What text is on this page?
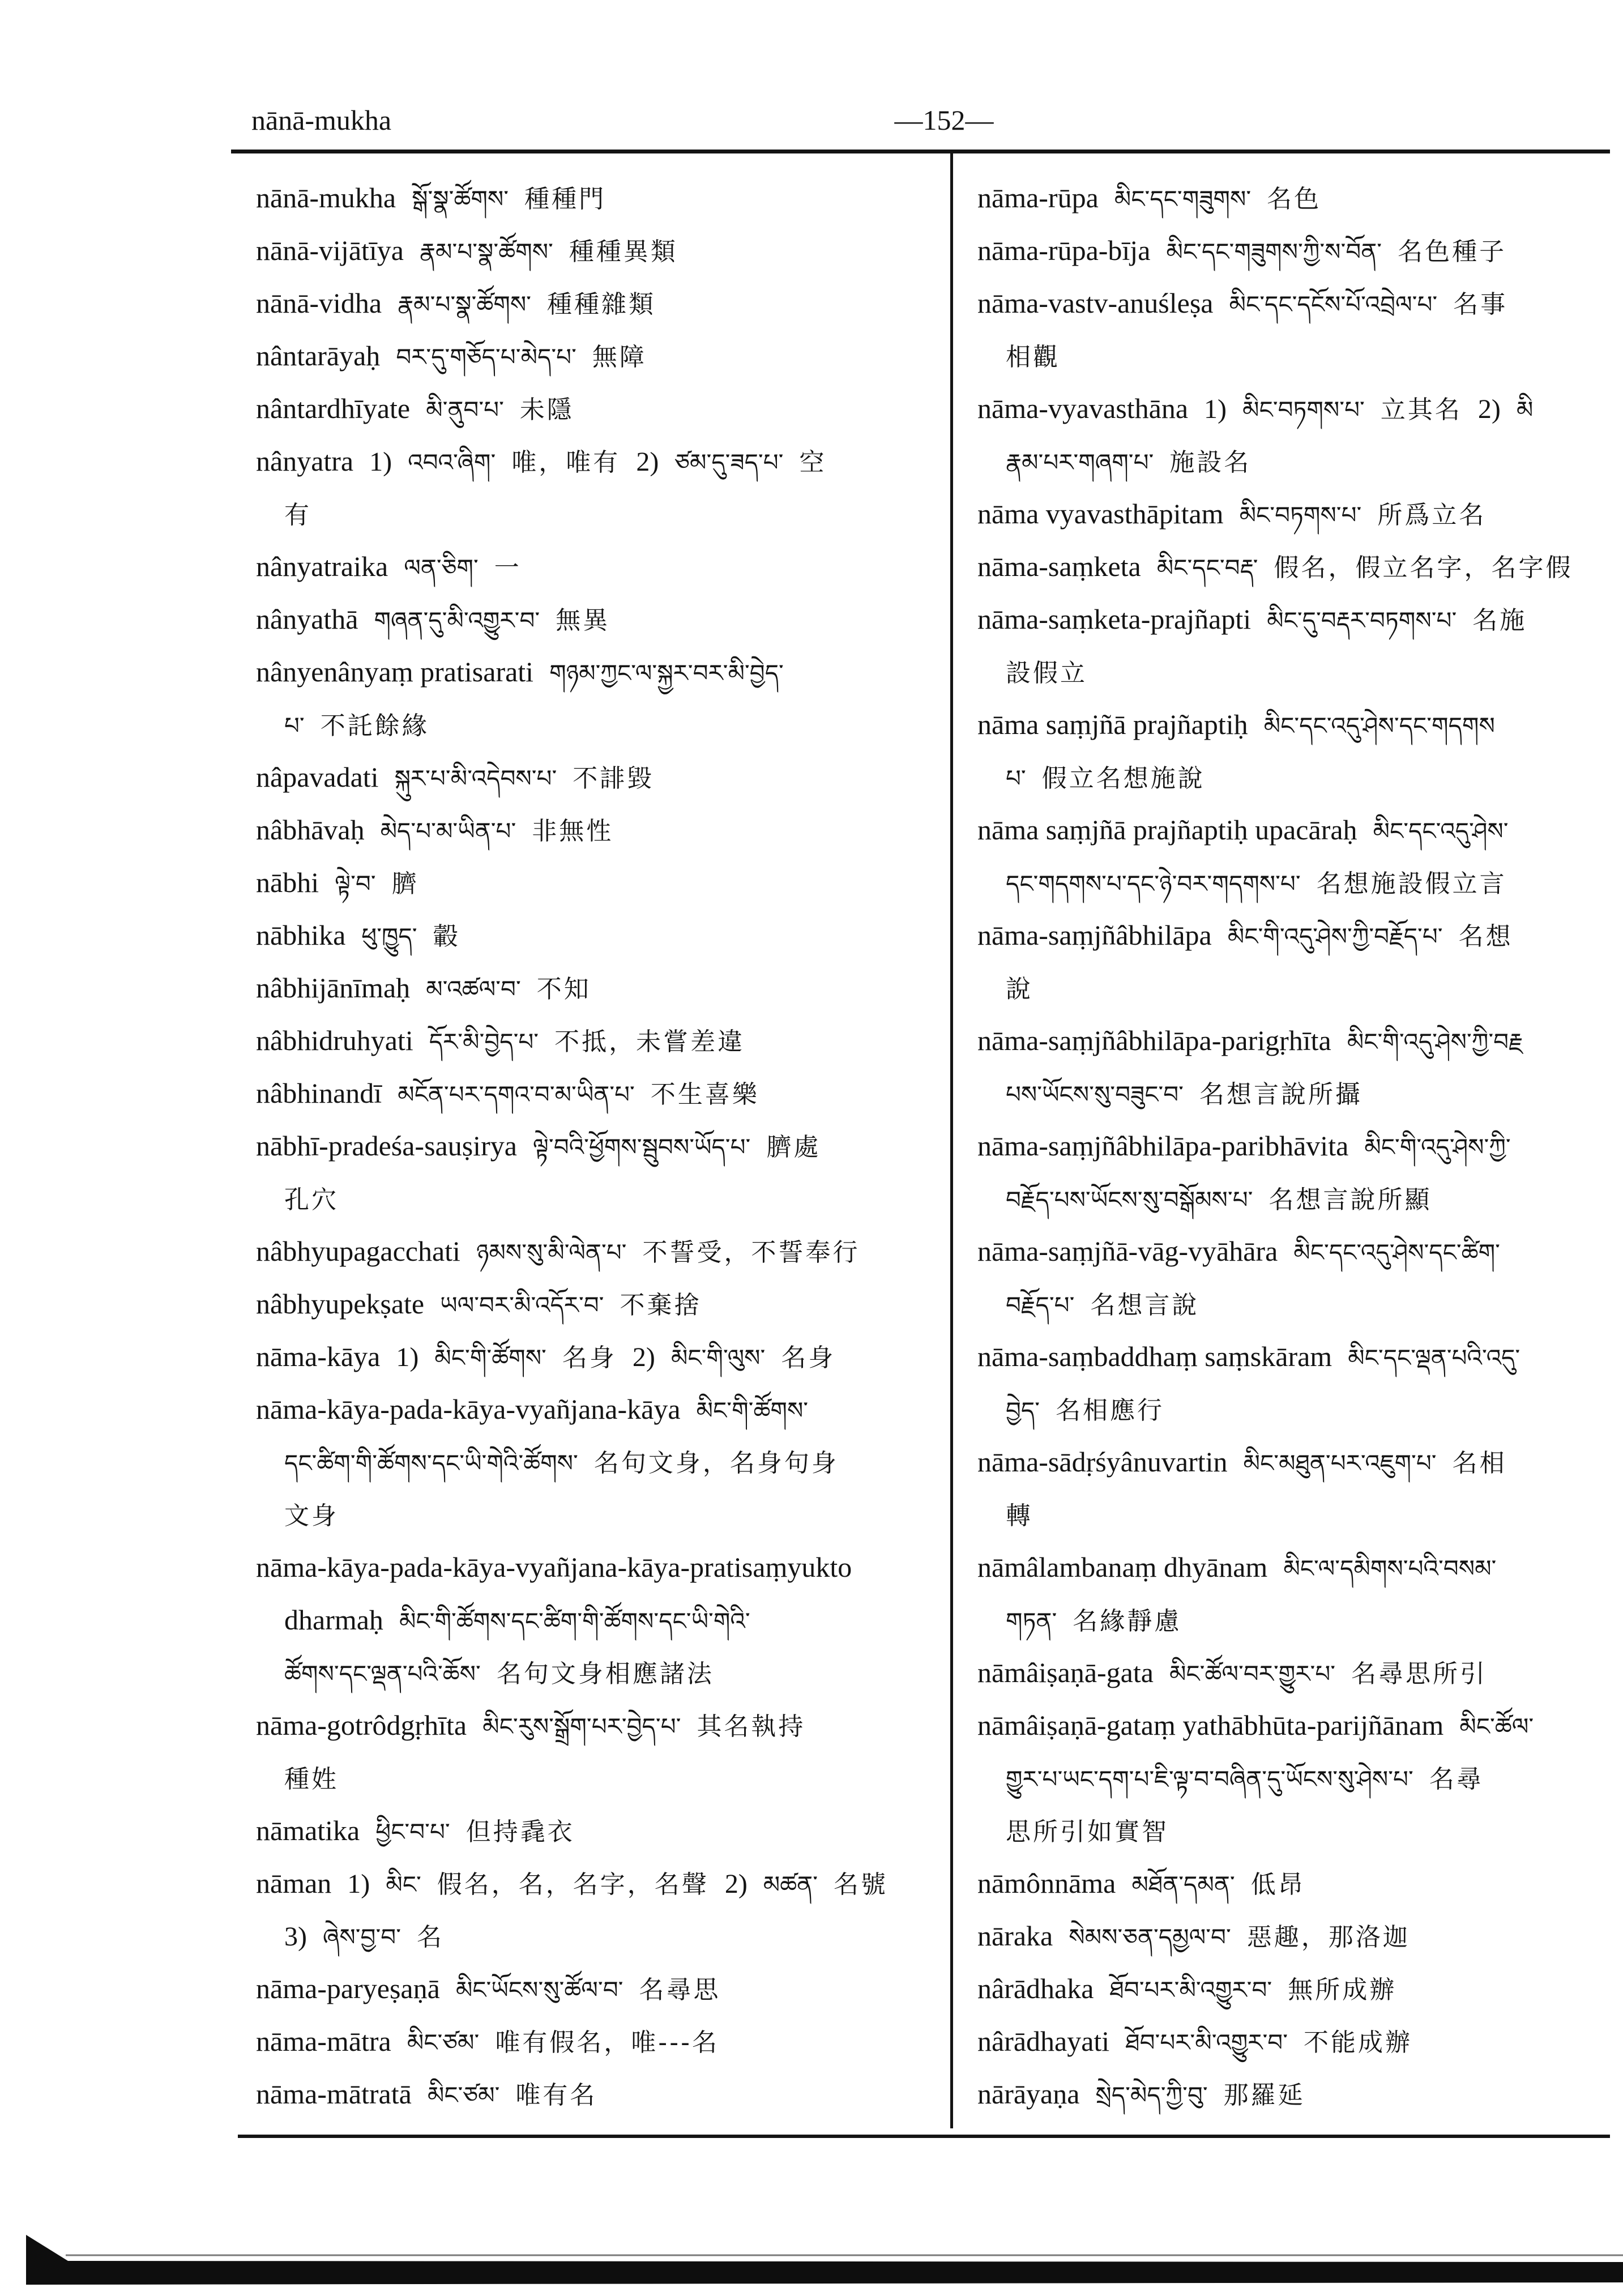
nānā-mukha	—152—
nānā-mukha སྒོ་སྣ་ཚོགས་ 種種門
nānā-vijātīya རྣམ་པ་སྣ་ཚོགས་ 種種異類
nānā-vidha རྣམ་པ་སྣ་ཚོགས་ 種種雜類
nântarāyaḥ བར་དུ་གཅོད་པ་མེད་པ་ 無障
nântardhīyate མི་ནུབ་པ་ 未隱
nânyatra 1) འབའ་ཞིག་ 唯，唯有 2) ཙམ་དུ་ཟད་པ་ 空
有
nânyatraika ལན་ཅིག་ 一
nânyathā གཞན་དུ་མི་འགྱུར་བ་ 無異
nânyenânyaṃ pratisarati གཉམ་ཀྱང་ལ་སྐྱར་བར་མི་བྱེད་
པ་ 不託餘緣
nâpavadati སྐུར་པ་མི་འདེབས་པ་ 不誹毀
nâbhāvaḥ མེད་པ་མ་ཡིན་པ་ 非無性
nābhi ལྟེ་བ་ 臍
nābhika ཕུ་ཁྱུད་ 轂
nâbhijānīmaḥ མ་འཚལ་བ་ 不知
nâbhidruhyati དོར་མི་བྱེད་པ་ 不抵，未嘗差違
nâbhinandī མངོན་པར་དགའ་བ་མ་ཡིན་པ་ 不生喜樂
nābhī-pradeśa-sauṣirya ལྟེ་བའི་ཕྱོགས་སྦུབས་ཡོད་པ་ 臍處
孔穴
nâbhyupagacchati ཉམས་སུ་མི་ལེན་པ་ 不誓受，不誓奉行
nâbhyupekṣate ཡལ་བར་མི་འདོར་བ་ 不棄捨
nāma-kāya 1) མིང་གི་ཚོགས་ 名身 2) མིང་གི་ལུས་ 名身
nāma-kāya-pada-kāya-vyañjana-kāya མིང་གི་ཚོགས་
དང་ཚིག་གི་ཚོགས་དང་ཡི་གེའི་ཚོགས་ 名句文身，名身句身
文身
nāma-kāya-pada-kāya-vyañjana-kāya-pratisaṃyukto
dharmaḥ མིང་གི་ཚོགས་དང་ཚིག་གི་ཚོགས་དང་ཡི་གེའི་
ཚོགས་དང་ལྡན་པའི་ཆོས་ 名句文身相應諸法
nāma-gotrôdgṛhīta མིང་རུས་སྒྲོག་པར་བྱེད་པ་ 其名執持
種姓
nāmatika ཕྱིང་བ་པ་ 但持毳衣
nāman 1) མིང་ 假名，名，名字，名聲 2) མཚན་ 名號
3) ཞེས་བྱ་བ་ 名
nāma-paryeṣaṇā མིང་ཡོངས་སུ་ཚོལ་བ་ 名尋思
nāma-mātra མིང་ཙམ་ 唯有假名，唯---名
nāma-mātratā མིང་ཙམ་ 唯有名
nāma-rūpa མིང་དང་གཟུགས་ 名色
nāma-rūpa-bīja མིང་དང་གཟུགས་ཀྱི་ས་བོན་ 名色種子
nāma-vastv-anuśleṣa མིང་དང་དངོས་པོ་འབྲེལ་པ་ 名事
相觀
nāma-vyavasthāna 1) མིང་བཏགས་པ་ 立其名 2) མི
རྣམ་པར་གཞག་པ་ 施設名
nāma vyavasthāpitam མིང་བཏགས་པ་ 所爲立名
nāma-saṃketa མིང་དང་བརྡ་ 假名，假立名字，名字假
nāma-saṃketa-prajñapti མིང་དུ་བརྡར་བཏགས་པ་ 名施
設假立
nāma saṃjñā prajñaptiḥ མིང་དང་འདུ་ཤེས་དང་གདགས
པ་ 假立名想施說
nāma saṃjñā prajñaptiḥ upacāraḥ མིང་དང་འདུ་ཤེས་
དང་གདགས་པ་དང་ཉེ་བར་གདགས་པ་ 名想施設假立言
nāma-saṃjñâbhilāpa མིང་གི་འདུ་ཤེས་ཀྱི་བརྗོད་པ་ 名想
說
nāma-saṃjñâbhilāpa-parigṛhīta མིང་གི་འདུ་ཤེས་ཀྱི་བརྗ
པས་ཡོངས་སུ་བཟུང་བ་ 名想言說所攝
nāma-saṃjñâbhilāpa-paribhāvita མིང་གི་འདུ་ཤེས་ཀྱི་
བརྗོད་པས་ཡོངས་སུ་བསྒོམས་པ་ 名想言說所顯
nāma-saṃjñā-vāg-vyāhāra མིང་དང་འདུ་ཤེས་དང་ཚིག་
བརྗོད་པ་ 名想言說
nāma-saṃbaddhaṃ saṃskāram མིང་དང་ལྡན་པའི་འདུ་
བྱེད་ 名相應行
nāma-sādṛśyânuvartin མིང་མཐུན་པར་འཇུག་པ་ 名相
轉
nāmâlambanaṃ dhyānam མིང་ལ་དམིགས་པའི་བསམ་
གཏན་ 名緣靜慮
nāmâiṣaṇā-gata མིང་ཚོལ་བར་གྱུར་པ་ 名尋思所引
nāmâiṣaṇā-gataṃ yathābhūta-parijñānam མིང་ཚོལ་
གྱུར་པ་ཡང་དག་པ་ཇི་ལྟ་བ་བཞིན་དུ་ཡོངས་སུ་ཤེས་པ་ 名尋
思所引如實智
nāmônnāma མཐོན་དམན་ 低昂
nāraka སེམས་ཅན་དམྱལ་བ་ 惡趣，那洛迦
nârādhaka ཐོབ་པར་མི་འགྱུར་བ་ 無所成辦
nârādhayati ཐོབ་པར་མི་འགྱུར་བ་ 不能成辦
nārāyaṇa སྲེད་མེད་ཀྱི་བུ་ 那羅延
